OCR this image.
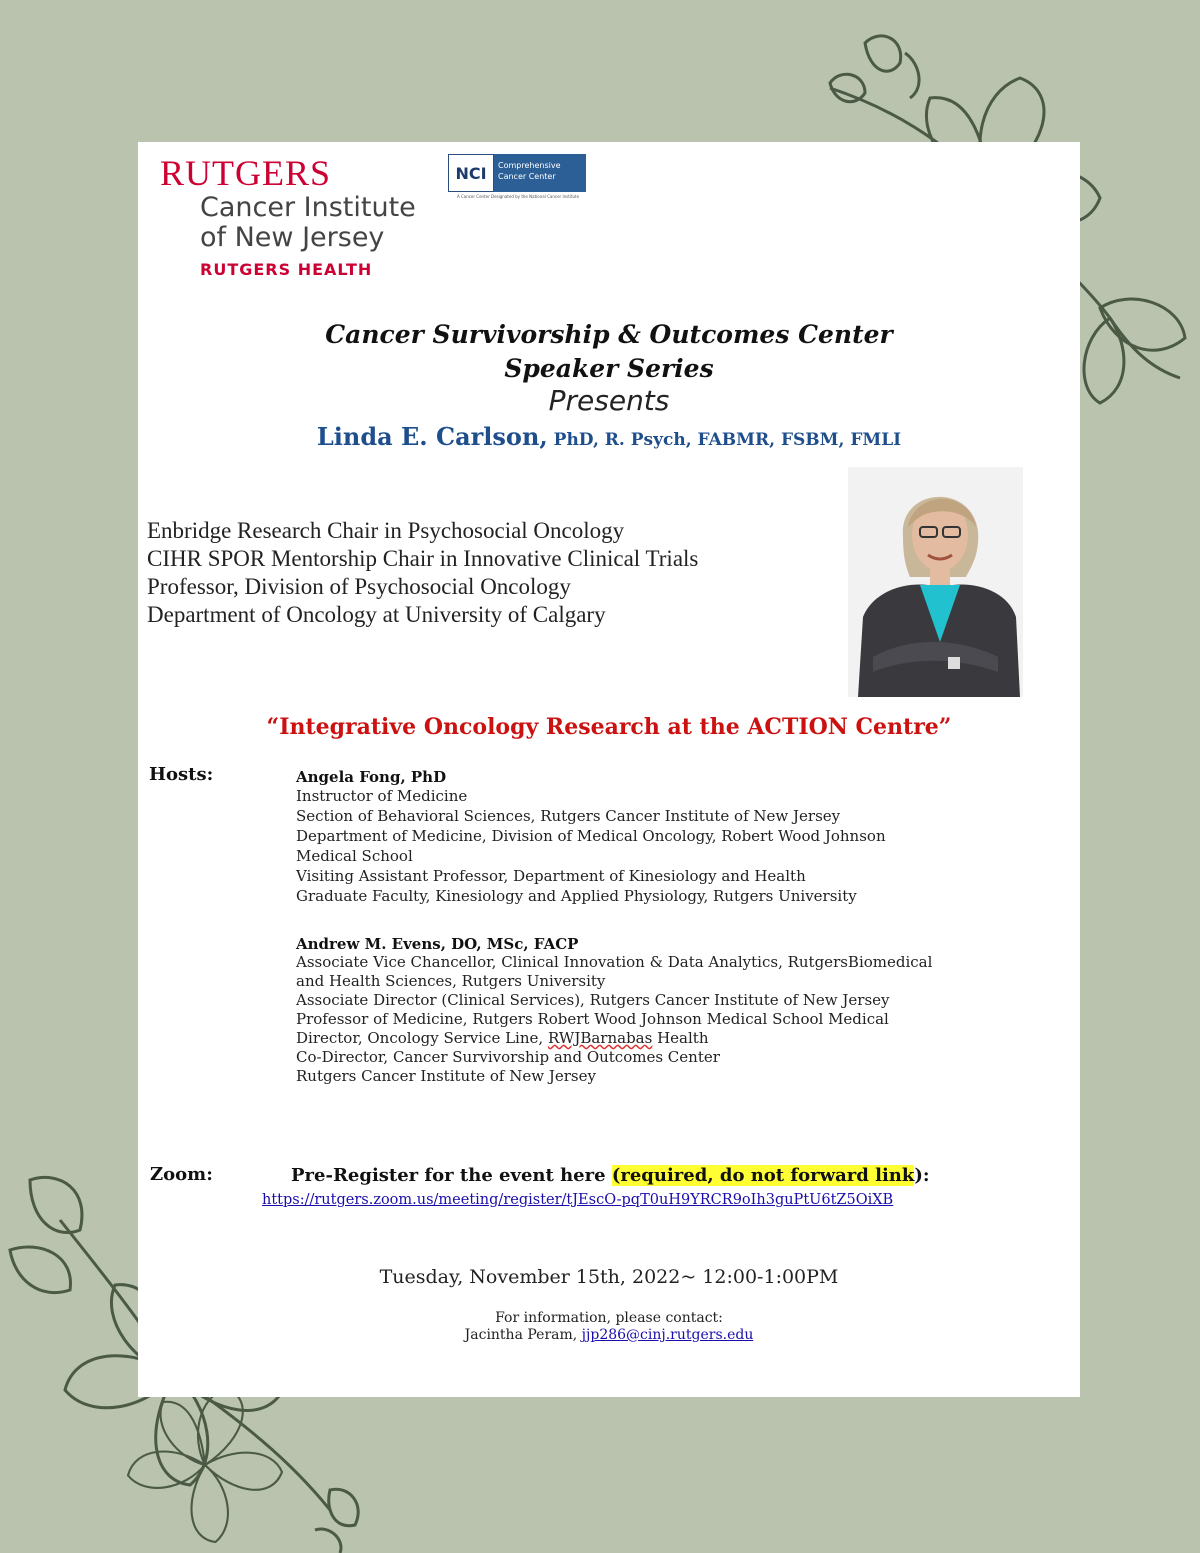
RUTGERS
Cancer Institute
of New Jersey
RUTGERS HEALTH
NCI	Comprehensive Cancer Center
A Cancer Center Designated by the National Cancer Institute
Cancer Survivorship & Outcomes Center
Speaker Series
Presents
Linda E. Carlson, PhD, R. Psych, FABMR, FSBM, FMLI
Enbridge Research Chair in Psychosocial Oncology
CIHR SPOR Mentorship Chair in Innovative Clinical Trials
Professor, Division of Psychosocial Oncology
Department of Oncology at University of Calgary
“Integrative Oncology Research at the ACTION Centre”
Hosts:	Angela Fong, PhD
Instructor of Medicine
Section of Behavioral Sciences, Rutgers Cancer Institute of New Jersey
Department of Medicine, Division of Medical Oncology, Robert Wood Johnson
Medical School
Visiting Assistant Professor, Department of Kinesiology and Health
Graduate Faculty, Kinesiology and Applied Physiology, Rutgers University
Andrew M. Evens, DO, MSc, FACP
Associate Vice Chancellor, Clinical Innovation & Data Analytics, RutgersBiomedical
and Health Sciences, Rutgers University
Associate Director (Clinical Services), Rutgers Cancer Institute of New Jersey
Professor of Medicine, Rutgers Robert Wood Johnson Medical School Medical
Director, Oncology Service Line, RWJBarnabas Health
Co-Director, Cancer Survivorship and Outcomes Center
Rutgers Cancer Institute of New Jersey
Zoom:	Pre-Register for the event here (required, do not forward link):
https://rutgers.zoom.us/meeting/register/tJEscO-pqT0uH9YRCR9oIh3guPtU6tZ5OiXB
Tuesday, November 15th, 2022~ 12:00-1:00PM
For information, please contact:
Jacintha Peram, jjp286@cinj.rutgers.edu
